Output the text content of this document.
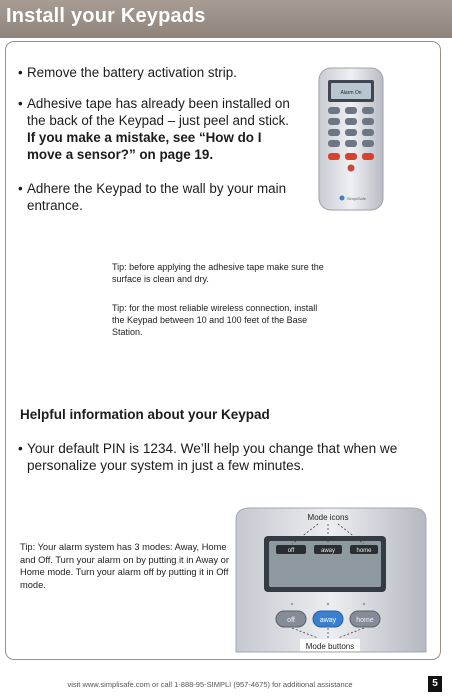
Install your Keypads
• Remove the battery activation strip.
• Adhesive tape has already been installed on the back of the Keypad – just peel and stick. If you make a mistake, see “How do I move a sensor?” on page 19.
• Adhere the Keypad to the wall by your main entrance.
Alarm On
SimpliSafe
Tip: before applying the adhesive tape make sure the surface is clean and dry.
Tip: for the most reliable wireless connection, install the Keypad between 10 and 100 feet of the Base Station.
Helpful information about your Keypad
• Your default PIN is 1234. We’ll help you change that when we personalize your system in just a few minutes.
Tip: Your alarm system has 3 modes: Away, Home and Off. Turn your alarm on by putting it in Away or Home mode. Turn your alarm off by putting it in Off mode.
off	away	home
Mode icons
off	away	home
Mode buttons
visit www.simplisafe.com or call 1-888-95-SIMPLI (957-4675) for additional assistance	5
